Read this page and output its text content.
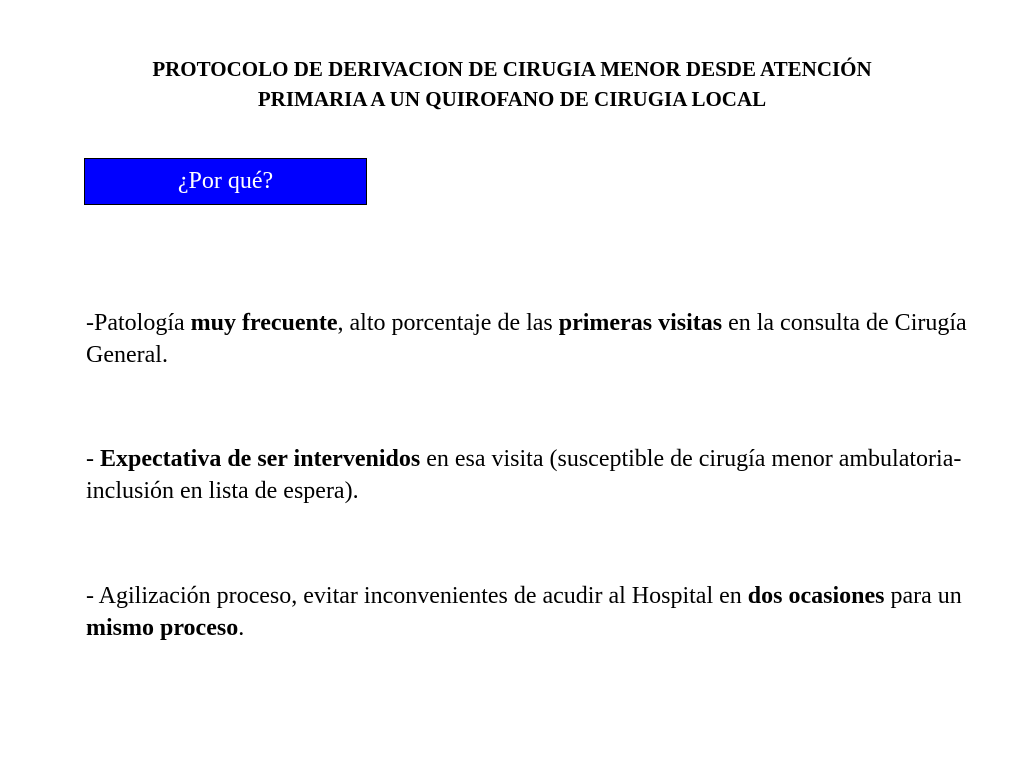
PROTOCOLO DE DERIVACION DE CIRUGIA MENOR DESDE ATENCIÓN
PRIMARIA A UN QUIROFANO DE CIRUGIA LOCAL
¿Por qué?
-Patología muy frecuente, alto porcentaje de las primeras visitas en la consulta de Cirugía General.
- Expectativa de ser intervenidos en esa visita (susceptible de cirugía menor ambulatoria-inclusión en lista de espera).
- Agilización proceso, evitar inconvenientes de acudir al Hospital en dos ocasiones para un mismo proceso.
